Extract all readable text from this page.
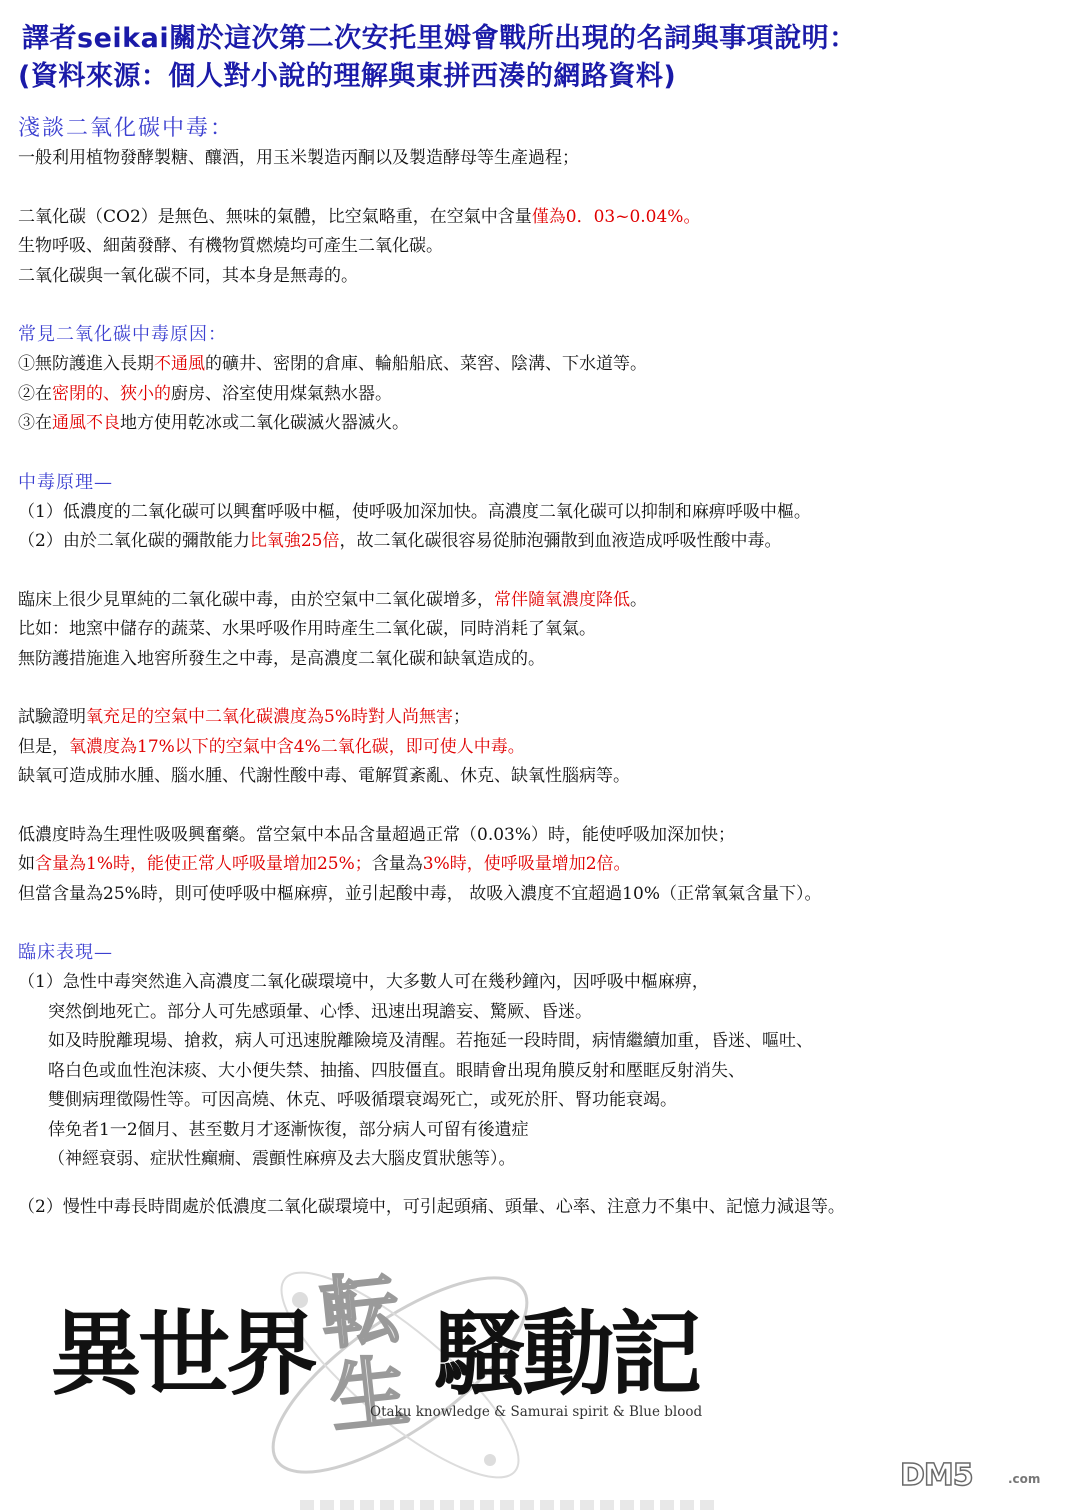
譯者seikai關於這次第二次安托里姆會戰所出現的名詞與事項說明：
(資料來源：個人對小說的理解與東拼西湊的網路資料)
淺談二氧化碳中毒：
一般利用植物發酵製糖、釀酒，用玉米製造丙酮以及製造酵母等生產過程；
二氧化碳（CO2）是無色、無味的氣體，比空氣略重，在空氣中含量僅為0．03~0.04%。
生物呼吸、細菌發酵、有機物質燃燒均可產生二氧化碳。
二氧化碳與一氧化碳不同，其本身是無毒的。
常見二氧化碳中毒原因：
①無防護進入長期不通風的礦井、密閉的倉庫、輪船船底、菜窖、陰溝、下水道等。
②在密閉的、狹小的廚房、浴室使用煤氣熱水器。
③在通風不良地方使用乾冰或二氧化碳滅火器滅火。
中毒原理—
（1）低濃度的二氧化碳可以興奮呼吸中樞，使呼吸加深加快。高濃度二氧化碳可以抑制和麻痹呼吸中樞。
（2）由於二氧化碳的彌散能力比氧強25倍，故二氧化碳很容易從肺泡彌散到血液造成呼吸性酸中毒。
臨床上很少見單純的二氧化碳中毒，由於空氣中二氧化碳增多，常伴隨氧濃度降低。
比如：地窯中儲存的蔬菜、水果呼吸作用時產生二氧化碳，同時消耗了氧氣。
無防護措施進入地窖所發生之中毒，是高濃度二氧化碳和缺氧造成的。
試驗證明氧充足的空氣中二氧化碳濃度為5%時對人尚無害；
但是，氧濃度為17%以下的空氣中含4%二氧化碳，即可使人中毒。
缺氧可造成肺水腫、腦水腫、代謝性酸中毒、電解質紊亂、休克、缺氧性腦病等。
低濃度時為生理性吸吸興奮藥。當空氣中本品含量超過正常（0.03%）時，能使呼吸加深加快；
如含量為1%時，能使正常人呼吸量增加25%；含量為3%時，使呼吸量增加2倍。
但當含量為25%時，則可使呼吸中樞麻痹，並引起酸中毒， 故吸入濃度不宜超過10%（正常氧氣含量下）。
臨床表現—
（1）急性中毒突然進入高濃度二氧化碳環境中，大多數人可在幾秒鐘內，因呼吸中樞麻痹，
突然倒地死亡。部分人可先感頭暈、心悸、迅速出現譫妄、驚厥、昏迷。
如及時脫離現場、搶救，病人可迅速脫離險境及清醒。若拖延一段時間，病情繼續加重，昏迷、嘔吐、
咯白色或血性泡沫痰、大小便失禁、抽搐、四肢僵直。眼睛會出現角膜反射和壓眶反射消失、
雙側病理徵陽性等。可因高燒、休克、呼吸循環衰竭死亡，或死於肝、腎功能衰竭。
倖免者1一2個月、甚至數月才逐漸恢復，部分病人可留有後遺症
（神經衰弱、症狀性癲癇、震顫性麻痹及去大腦皮質狀態等）。
（2）慢性中毒長時間處於低濃度二氧化碳環境中，可引起頭痛、頭暈、心率、注意力不集中、記憶力減退等。
転生
異世界 騷動記
Otaku knowledge & Samurai spirit & Blue blood
DM5	.com
